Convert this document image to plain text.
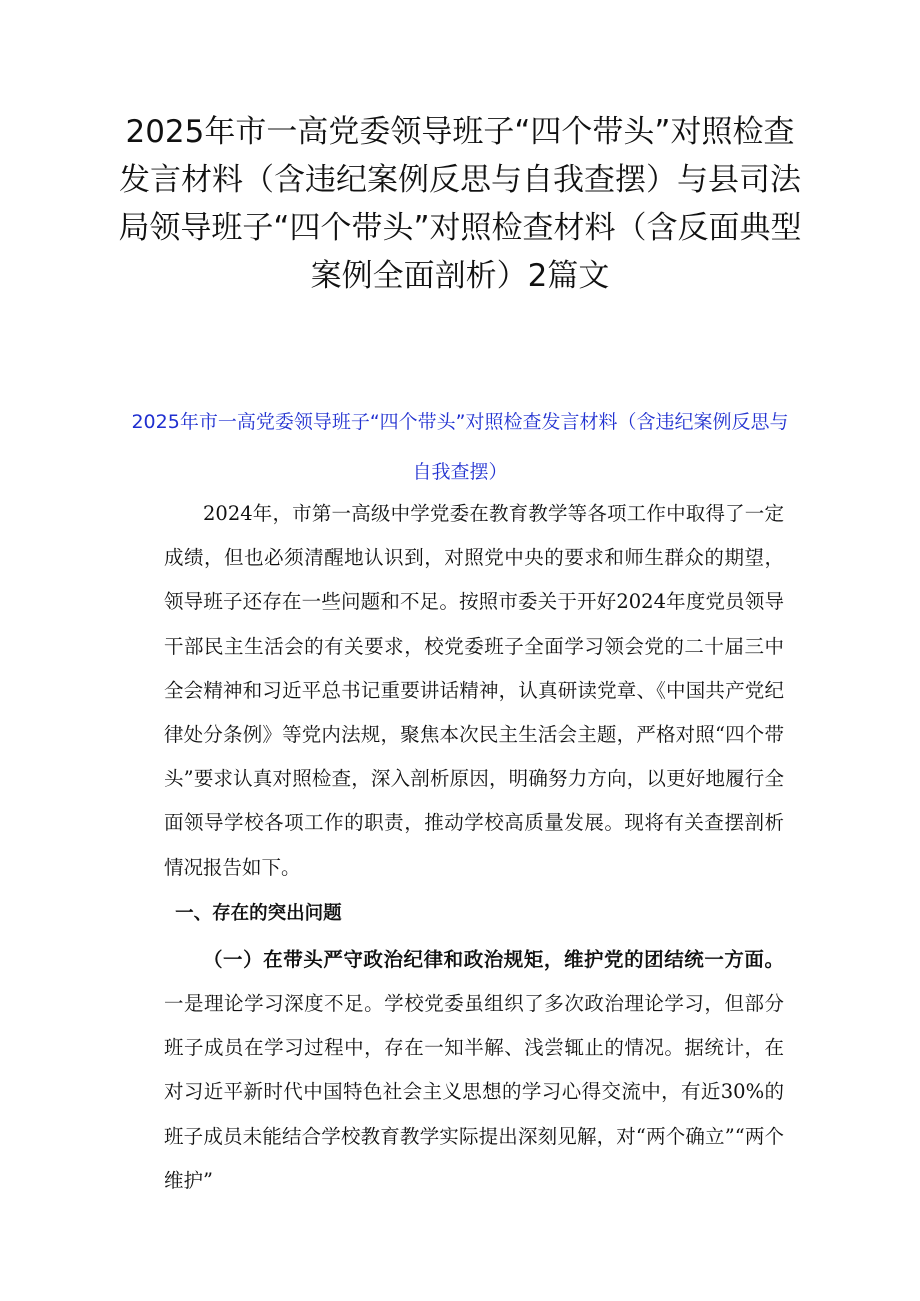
2025年市一高党委领导班子“四个带头”对照检查发言材料（含违纪案例反思与自我查摆）与县司法局领导班子“四个带头”对照检查材料（含反面典型案例全面剖析）2篇文
2025年市一高党委领导班子“四个带头”对照检查发言材料（含违纪案例反思与自我查摆）

2024年，市第一高级中学党委在教育教学等各项工作中取得了一定成绩，但也必须清醒地认识到，对照党中央的要求和师生群众的期望，领导班子还存在一些问题和不足。按照市委关于开好2024年度党员领导干部民主生活会的有关要求，校党委班子全面学习领会党的二十届三中全会精神和习近平总书记重要讲话精神，认真研读党章、《中国共产党纪律处分条例》等党内法规，聚焦本次民主生活会主题，严格对照“四个带头”要求认真对照检查，深入剖析原因，明确努力方向，以更好地履行全面领导学校各项工作的职责，推动学校高质量发展。现将有关查摆剖析情况报告如下。

一、存在的突出问题

（一）在带头严守政治纪律和政治规矩，维护党的团结统一方面。一是理论学习深度不足。学校党委虽组织了多次政治理论学习，但部分班子成员在学习过程中，存在一知半解、浅尝辄止的情况。据统计，在对习近平新时代中国特色社会主义思想的学习心得交流中，有近30%的班子成员未能结合学校教育教学实际提出深刻见解，对“两个确立”“两个维护”
